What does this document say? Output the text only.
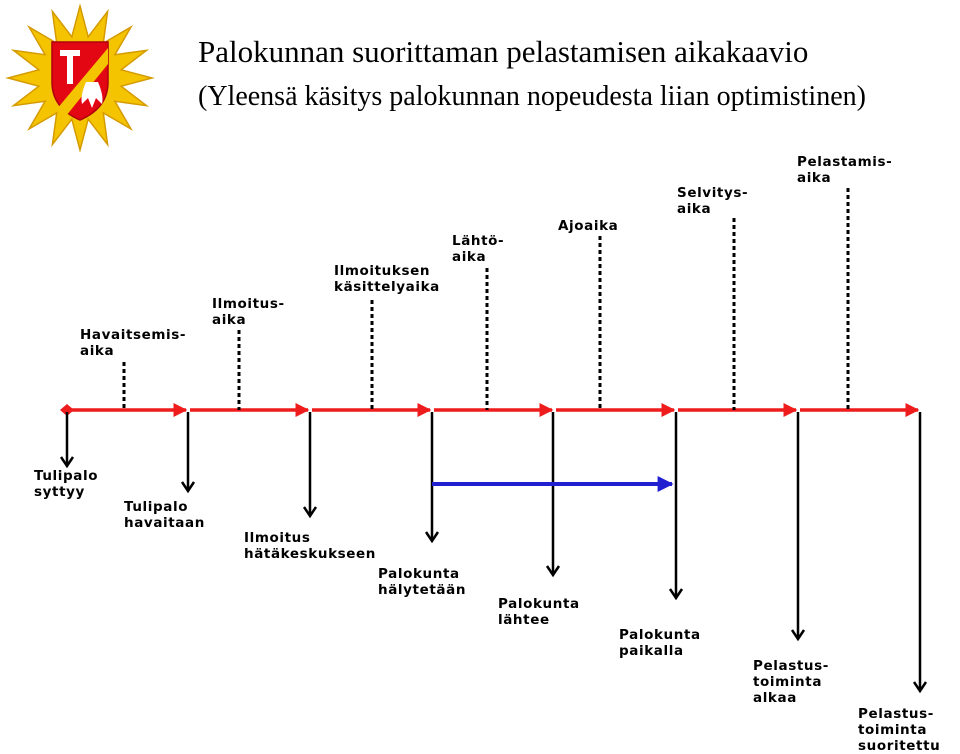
Palokunnan suorittaman pelastamisen aikakaavio
(Yleensä käsitys palokunnan nopeudesta liian optimistinen)
Havaitsemis-
aika
Ilmoitus-
aika
Ilmoituksen
käsittelyaika
Lähtö-
aika
Ajoaika
Selvitys-
aika
Pelastamis-
aika
Tulipalo
syttyy
Tulipalo
havaitaan
Ilmoitus
hätäkeskukseen
Palokunta
hälytetään
Palokunta
lähtee
Palokunta
paikalla
Pelastus-
toiminta
alkaa
Pelastus-
toiminta
suoritettu
